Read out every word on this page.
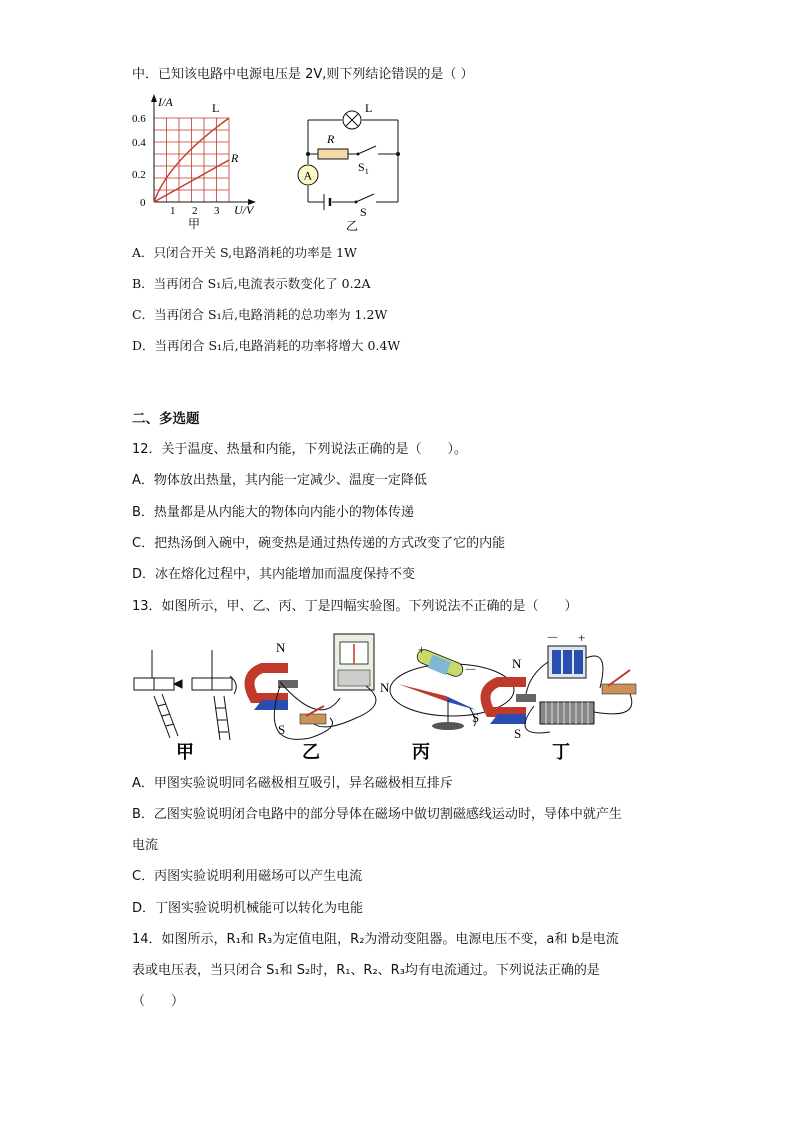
中．已知该电路中电源电压是 2V,则下列结论错误的是（ ）
I/A	L
R
0.6
0.4
0.2
0
1 2 3 U/V
甲
A
L
R
$S_1$
S
乙
A．只闭合开关 S,电路消耗的功率是 1W
B．当再闭合 S₁后,电流表示数变化了 0.2A
C．当再闭合 S₁后,电路消耗的总功率为 1.2W
D．当再闭合 S₁后,电路消耗的功率将增大 0.4W
二、多选题
12．关于温度、热量和内能，下列说法正确的是（　　）。
A．物体放出热量，其内能一定减少、温度一定降低
B．热量都是从内能大的物体向内能小的物体传递
C．把热汤倒入碗中，碗变热是通过热传递的方式改变了它的内能
D．冰在熔化过程中，其内能增加而温度保持不变
13．如图所示，甲、乙、丙、丁是四幅实验图。下列说法不正确的是（　　）
N
S
+
－
N
S
－ +
N
S
甲	乙	丙	丁
A．甲图实验说明同名磁极相互吸引，异名磁极相互排斥
B．乙图实验说明闭合电路中的部分导体在磁场中做切割磁感线运动时，导体中就产生
电流
C．丙图实验说明利用磁场可以产生电流
D．丁图实验说明机械能可以转化为电能
14．如图所示，R₁和 R₃为定值电阻，R₂为滑动变阻器。电源电压不变，a和 b是电流
表或电压表，当只闭合 S₁和 S₂时，R₁、R₂、R₃均有电流通过。下列说法正确的是
（　　）
